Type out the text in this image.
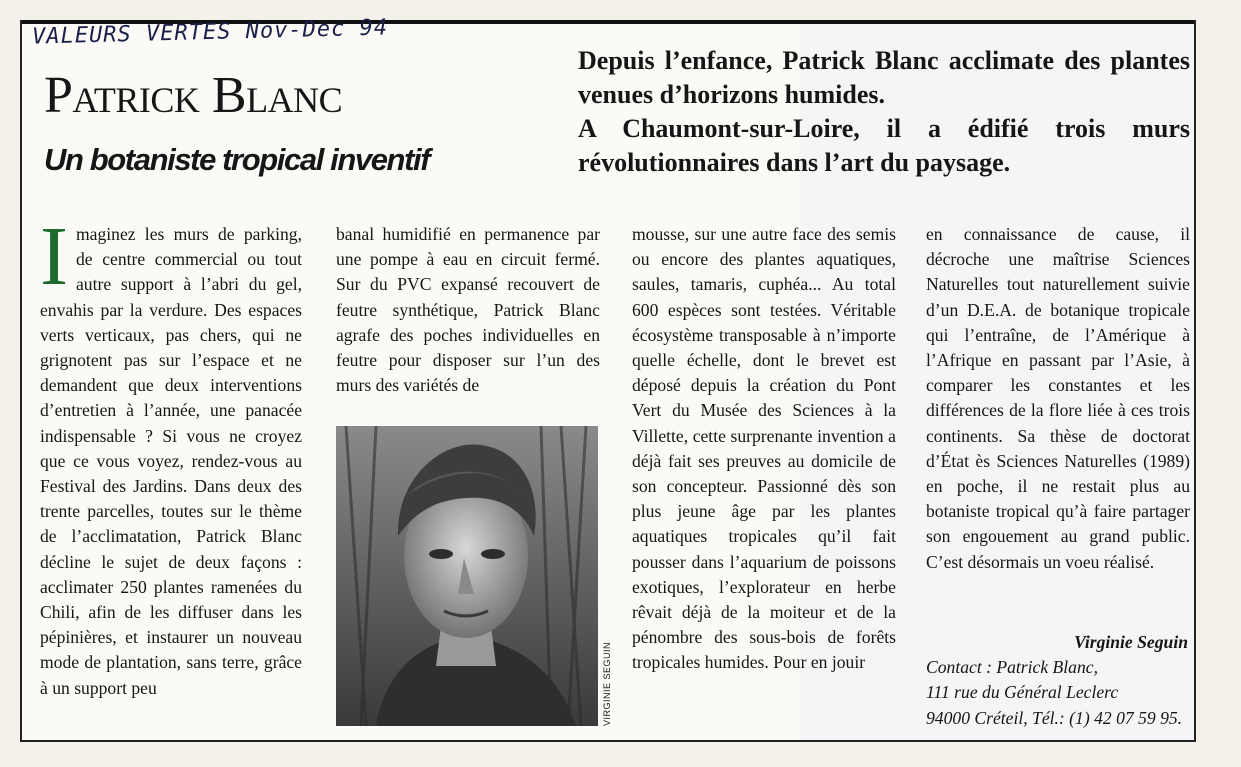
VALEURS VERTES Nov-Dec 94
Patrick Blanc
Un botaniste tropical inventif

Depuis l’enfance, Patrick Blanc acclimate des plantes venues d’horizons humides.

A Chaumont-sur-Loire, il a édifié trois murs révolutionnaires dans l’art du paysage.

Imaginez les murs de parking, de centre commercial ou tout autre support à l’abri du gel, envahis par la verdure. Des espaces verts verticaux, pas chers, qui ne grignotent pas sur l’espace et ne demandent que deux interventions d’entretien à l’année, une panacée indispensable ? Si vous ne croyez que ce vous voyez, rendez-vous au Festival des Jardins. Dans deux des trente parcelles, toutes sur le thème de l’acclimatation, Patrick Blanc décline le sujet de deux façons : acclimater 250 plantes ramenées du Chili, afin de les diffuser dans les pépinières, et instaurer un nouveau mode de plantation, sans terre, grâce à un support peu

banal humidifié en permanence par une pompe à eau en circuit fermé. Sur du PVC expansé recouvert de feutre synthétique, Patrick Blanc agrafe des poches individuelles en feutre pour disposer sur l’un des murs des variétés de

VIRGINIE SEGUIN

mousse, sur une autre face des semis ou encore des plantes aquatiques, saules, tamaris, cuphéa... Au total 600 espèces sont testées. Véritable écosystème transposable à n’importe quelle échelle, dont le brevet est déposé depuis la création du Pont Vert du Musée des Sciences à la Villette, cette surprenante invention a déjà fait ses preuves au domicile de son concepteur. Passionné dès son plus jeune âge par les plantes aquatiques tropicales qu’il fait pousser dans l’aquarium de poissons exotiques, l’explorateur en herbe rêvait déjà de la moiteur et de la pénombre des sous-bois de forêts tropicales humides. Pour en jouir

en connaissance de cause, il décroche une maîtrise Sciences Naturelles tout naturellement suivie d’un D.E.A. de botanique tropicale qui l’entraîne, de l’Amérique à l’Afrique en passant par l’Asie, à comparer les constantes et les différences de la flore liée à ces trois continents. Sa thèse de doctorat d’État ès Sciences Naturelles (1989) en poche, il ne restait plus au botaniste tropical qu’à faire partager son engouement au grand public. C’est désormais un voeu réalisé.

Virginie Seguin
Contact : Patrick Blanc,
111 rue du Général Leclerc
94000 Créteil, Tél.: (1) 42 07 59 95.
